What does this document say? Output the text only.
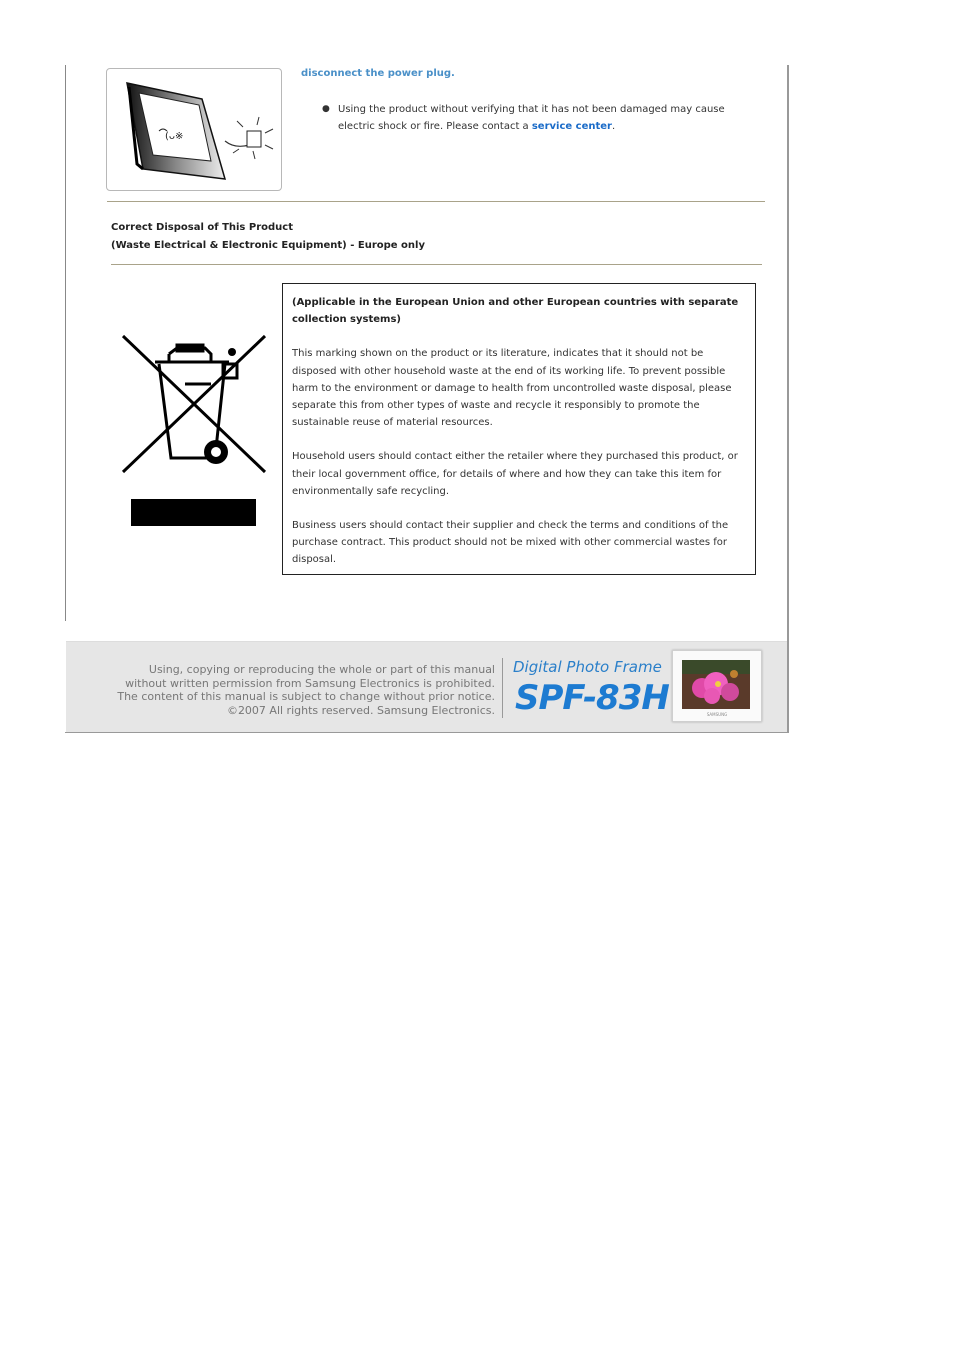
(ᴗ※
disconnect the power plug.
● Using the product without verifying that it has not been damaged may cause electric shock or fire. Please contact a service center.
Correct Disposal of This Product
(Waste Electrical & Electronic Equipment) - Europe only

(Applicable in the European Union and other European countries with separate collection systems)

This marking shown on the product or its literature, indicates that it should not be disposed with other household waste at the end of its working life. To prevent possible harm to the environment or damage to health from uncontrolled waste disposal, please separate this from other types of waste and recycle it responsibly to promote the sustainable reuse of material resources.

Household users should contact either the retailer where they purchased this product, or their local government office, for details of where and how they can take this item for environmentally safe recycling.

Business users should contact their supplier and check the terms and conditions of the purchase contract. This product should not be mixed with other commercial wastes for disposal.

Using, copying or reproducing the whole or part of this manual
without written permission from Samsung Electronics is prohibited.
The content of this manual is subject to change without prior notice.
©2007 All rights reserved. Samsung Electronics.
Digital Photo Frame
SPF-83H	SAMSUNG
